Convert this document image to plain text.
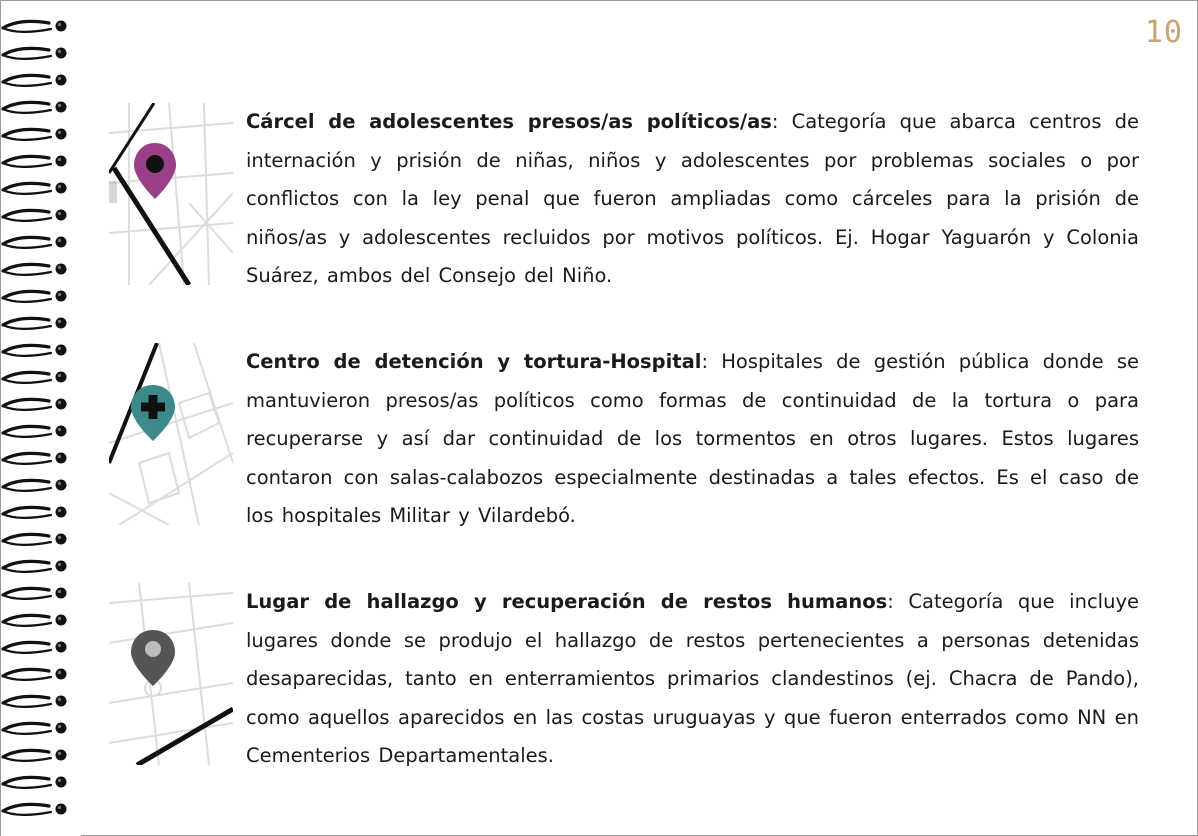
10
Cárcel de adolescentes presos/as políticos/as: Categoría que abarca centros de internación y prisión de niñas, niños y adolescentes por problemas sociales o por conflictos con la ley penal que fueron ampliadas como cárceles para la prisión de niños/as y adolescentes recluidos por motivos políticos. Ej. Hogar Yaguarón y Colonia Suárez, ambos del Consejo del Niño.
Centro de detención y tortura-Hospital: Hospitales de gestión pública donde se mantuvieron presos/as políticos como formas de continuidad de la tortura o para recuperarse y así dar continuidad de los tormentos en otros lugares. Estos lugares contaron con salas-calabozos especialmente destinadas a tales efectos. Es el caso de los hospitales Militar y Vilardebó.
Lugar de hallazgo y recuperación de restos humanos: Categoría que incluye lugares donde se produjo el hallazgo de restos pertenecientes a personas detenidas desaparecidas, tanto en enterramientos primarios clandestinos (ej. Chacra de Pando), como aquellos aparecidos en las costas uruguayas y que fueron enterrados como NN en Cementerios Departamentales.
